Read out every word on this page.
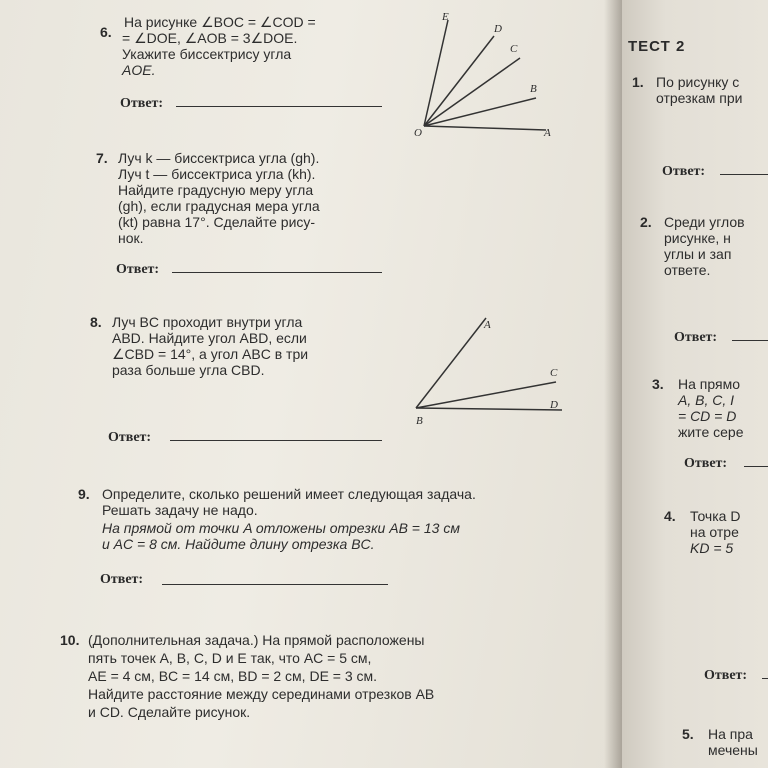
6.
На рисунке ∠BOC = ∠COD =
= ∠DOE, ∠AOB = 3∠DOE.
Укажите биссектрису угла
AOE.
Ответ:
E
D
C
B
A
O
7. Луч k — биссектриса угла (gh).
Луч t — биссектриса угла (kh).
Найдите градусную меру угла
(gh), если градусная мера угла
(kt) равна 17°. Сделайте рису-
нок.
Ответ:
8. Луч BC проходит внутри угла
ABD. Найдите угол ABD, если
∠CBD = 14°, а угол ABC в три
раза больше угла CBD.
Ответ:
A
C
D
B
9. Определите, сколько решений имеет следующая задача.
Решать задачу не надо.
На прямой от точки A отложены отрезки AB = 13 см
и AC = 8 см. Найдите длину отрезка BC.
Ответ:
10. (Дополнительная задача.) На прямой расположены
пять точек A, B, C, D и E так, что AC = 5 см,
AE = 4 см, BC = 14 см, BD = 2 см, DE = 3 см.
Найдите расстояние между серединами отрезков AB
и CD. Сделайте рисунок.
ТЕСТ 2
1. По рисунку с
отрезкам при
Ответ:
2. Среди углов
рисунке, н
углы и зап
ответе.
Ответ:
3. На прямо
A, B, C, I
= CD = D
жите сере
Ответ:
4. Точка D
на отре
KD = 5
Ответ:
5. На пра
мечены
